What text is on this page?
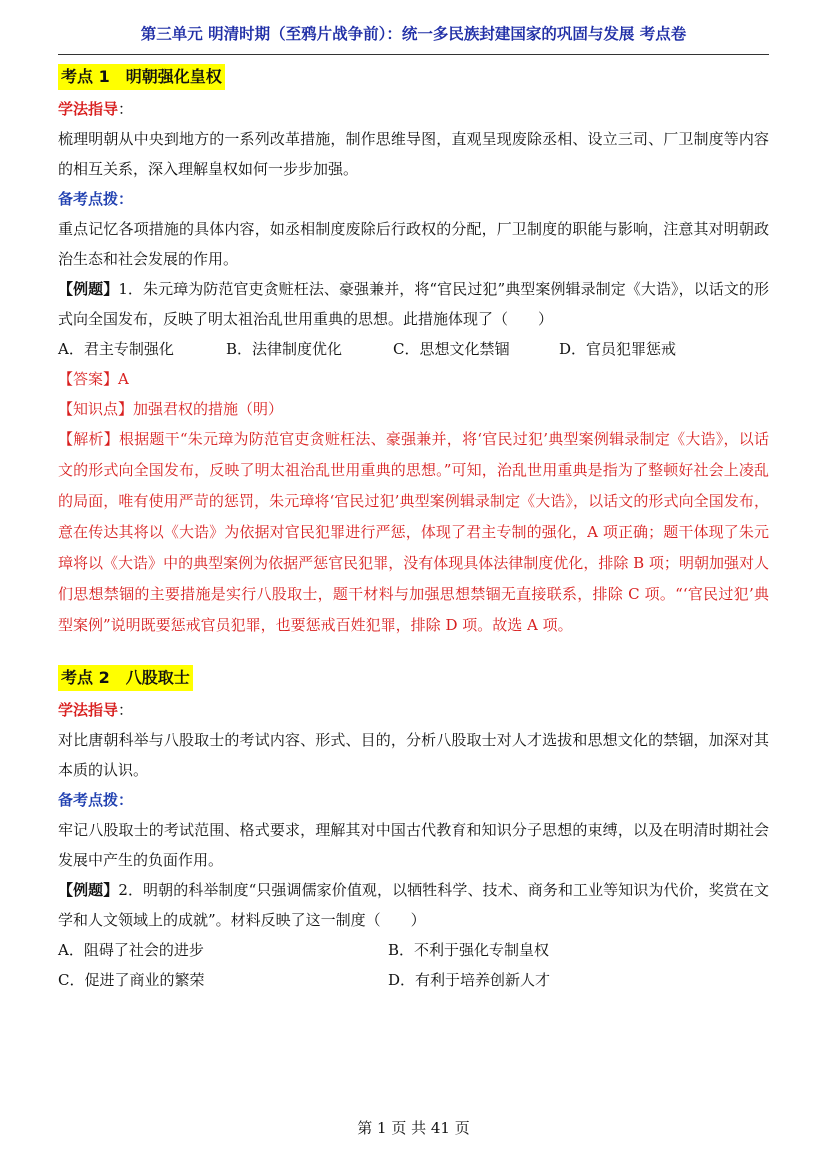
第三单元 明清时期（至鸦片战争前）：统一多民族封建国家的巩固与发展 考点卷
考点 1　明朝强化皇权
学法指导：
梳理明朝从中央到地方的一系列改革措施，制作思维导图，直观呈现废除丞相、设立三司、厂卫制度等内容的相互关系，深入理解皇权如何一步步加强。
备考点拨：
重点记忆各项措施的具体内容，如丞相制度废除后行政权的分配，厂卫制度的职能与影响，注意其对明朝政治生态和社会发展的作用。
【例题】1．朱元璋为防范官吏贪赃枉法、豪强兼并，将“官民过犯”典型案例辑录制定《大诰》，以话文的形式向全国发布，反映了明太祖治乱世用重典的思想。此措施体现了（　　）
A．君主专制强化	B．法律制度优化	C．思想文化禁锢	D．官员犯罪惩戒
【答案】A
【知识点】加强君权的措施（明）
【解析】根据题干“朱元璋为防范官吏贪赃枉法、豪强兼并，将‘官民过犯’典型案例辑录制定《大诰》，以话文的形式向全国发布，反映了明太祖治乱世用重典的思想。”可知，治乱世用重典是指为了整顿好社会上凌乱的局面，唯有使用严苛的惩罚，朱元璋将‘官民过犯’典型案例辑录制定《大诰》，以话文的形式向全国发布，意在传达其将以《大诰》为依据对官民犯罪进行严惩，体现了君主专制的强化，A 项正确；题干体现了朱元璋将以《大诰》中的典型案例为依据严惩官民犯罪，没有体现具体法律制度优化，排除 B 项；明朝加强对人们思想禁锢的主要措施是实行八股取士，题干材料与加强思想禁锢无直接联系，排除 C 项。“‘官民过犯’典型案例”说明既要惩戒官员犯罪，也要惩戒百姓犯罪，排除 D 项。故选 A 项。
考点 2　八股取士
学法指导：
对比唐朝科举与八股取士的考试内容、形式、目的，分析八股取士对人才选拔和思想文化的禁锢，加深对其本质的认识。
备考点拨：
牢记八股取士的考试范围、格式要求，理解其对中国古代教育和知识分子思想的束缚，以及在明清时期社会发展中产生的负面作用。
【例题】2．明朝的科举制度“只强调儒家价值观，以牺牲科学、技术、商务和工业等知识为代价，奖赏在文学和人文领域上的成就”。材料反映了这一制度（　　）
A．阻碍了社会的进步	B．不利于强化专制皇权
C．促进了商业的繁荣	D．有利于培养创新人才
第 1 页 共 41 页
